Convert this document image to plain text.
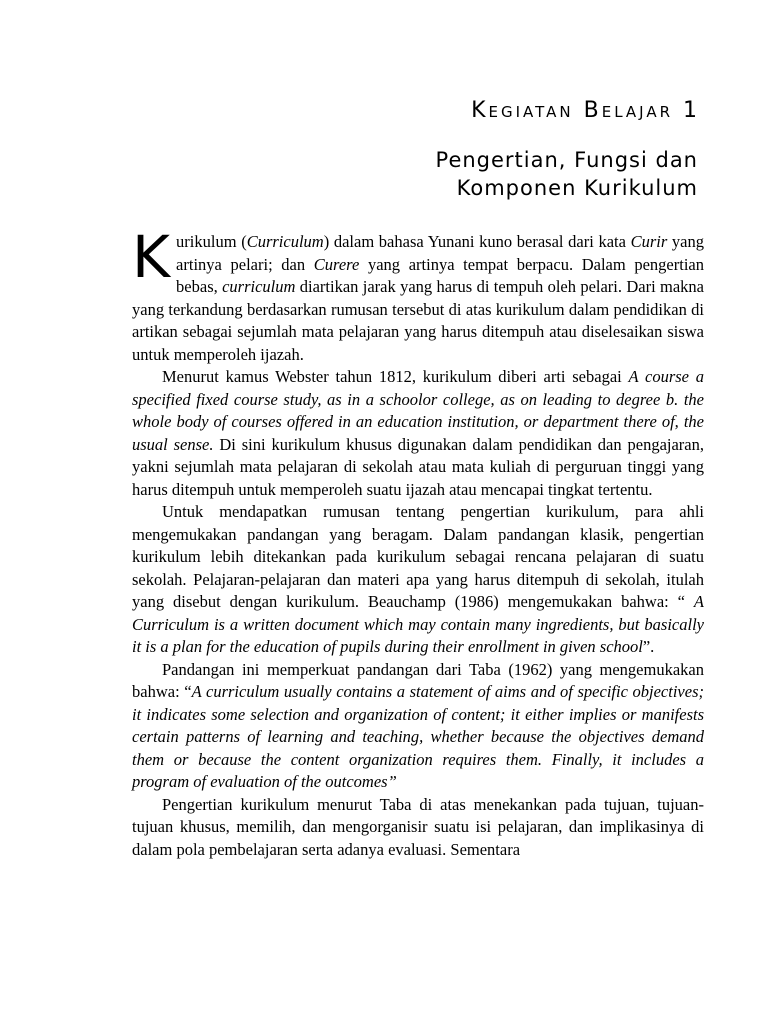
Kegiatan Belajar 1
Pengertian, Fungsi dan
Komponen Kurikulum

Kurikulum (Curriculum) dalam bahasa Yunani kuno berasal dari kata Curir yang artinya pelari; dan Curere yang artinya tempat berpacu. Dalam pengertian bebas, curriculum diartikan jarak yang harus di tempuh oleh pelari. Dari makna yang terkandung berdasarkan rumusan tersebut di atas kurikulum dalam pendidikan di artikan sebagai sejumlah mata pelajaran yang harus ditempuh atau diselesaikan siswa untuk memperoleh ijazah.

Menurut kamus Webster tahun 1812, kurikulum diberi arti sebagai A course a specified fixed course study, as in a schoolor college, as on leading to degree b. the whole body of courses offered in an education institution, or department there of, the usual sense. Di sini kurikulum khusus digunakan dalam pendidikan dan pengajaran, yakni sejumlah mata pelajaran di sekolah atau mata kuliah di perguruan tinggi yang harus ditempuh untuk memperoleh suatu ijazah atau mencapai tingkat tertentu.

Untuk mendapatkan rumusan tentang pengertian kurikulum, para ahli mengemukakan pandangan yang beragam. Dalam pandangan klasik, pengertian kurikulum lebih ditekankan pada kurikulum sebagai rencana pelajaran di suatu sekolah. Pelajaran-pelajaran dan materi apa yang harus ditempuh di sekolah, itulah yang disebut dengan kurikulum. Beauchamp (1986) mengemukakan bahwa: “ A Curriculum is a written document which may contain many ingredients, but basically it is a plan for the education of pupils during their enrollment in given school”.

Pandangan ini memperkuat pandangan dari Taba (1962) yang mengemukakan bahwa: “A curriculum usually contains a statement of aims and of specific objectives; it indicates some selection and organization of content; it either implies or manifests certain patterns of learning and teaching, whether because the objectives demand them or because the content organization requires them. Finally, it includes a program of evaluation of the outcomes”

Pengertian kurikulum menurut Taba di atas menekankan pada tujuan, tujuan-tujuan khusus, memilih, dan mengorganisir suatu isi pelajaran, dan implikasinya di dalam pola pembelajaran serta adanya evaluasi. Sementara
